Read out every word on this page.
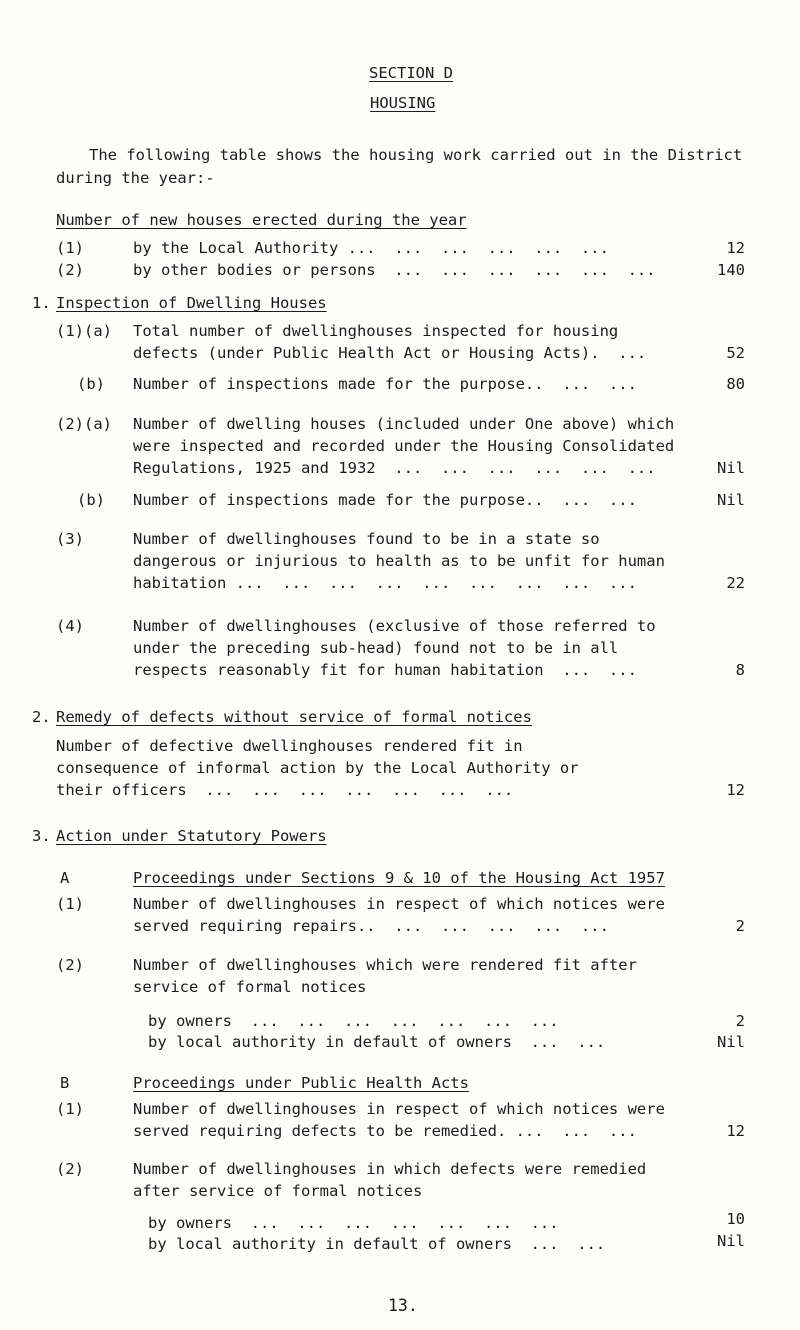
SECTION D
HOUSING
The following table shows the housing work carried out in the District
during the year:-
Number of new houses erected during the year
(1)	by the Local Authority ...  ...  ...  ...  ...  ...	12
(2)	by other bodies or persons  ...  ...  ...  ...  ...  ...	140
1. Inspection of Dwelling Houses
(1)(a) Total number of dwellinghouses inspected for housing
defects (under Public Health Act or Housing Acts).  ...	52
(b) Number of inspections made for the purpose..  ...  ...	80
(2)(a) Number of dwelling houses (included under One above) which
were inspected and recorded under the Housing Consolidated
Regulations, 1925 and 1932  ...  ...  ...  ...  ...  ...	Nil
(b) Number of inspections made for the purpose..  ...  ...	Nil
(3)	Number of dwellinghouses found to be in a state so
dangerous or injurious to health as to be unfit for human
habitation ...  ...  ...  ...  ...  ...  ...  ...  ...	22
(4)	Number of dwellinghouses (exclusive of those referred to
under the preceding sub-head) found not to be in all
respects reasonably fit for human habitation  ...  ...	8
2. Remedy of defects without service of formal notices
Number of defective dwellinghouses rendered fit in
consequence of informal action by the Local Authority or
their officers  ...  ...  ...  ...  ...  ...  ...	12
3. Action under Statutory Powers
A	Proceedings under Sections 9 & 10 of the Housing Act 1957
(1)	Number of dwellinghouses in respect of which notices were
served requiring repairs..  ...  ...  ...  ...  ...	2
(2)	Number of dwellinghouses which were rendered fit after
service of formal notices
by owners  ...  ...  ...  ...  ...  ...  ...	2
by local authority in default of owners  ...  ...	Nil
B	Proceedings under Public Health Acts
(1)	Number of dwellinghouses in respect of which notices were
served requiring defects to be remedied. ...  ...  ...	12
(2)	Number of dwellinghouses in which defects were remedied
after service of formal notices
by owners  ...  ...  ...  ...  ...  ...  ...	10
by local authority in default of owners  ...  ...	Nil
13.
